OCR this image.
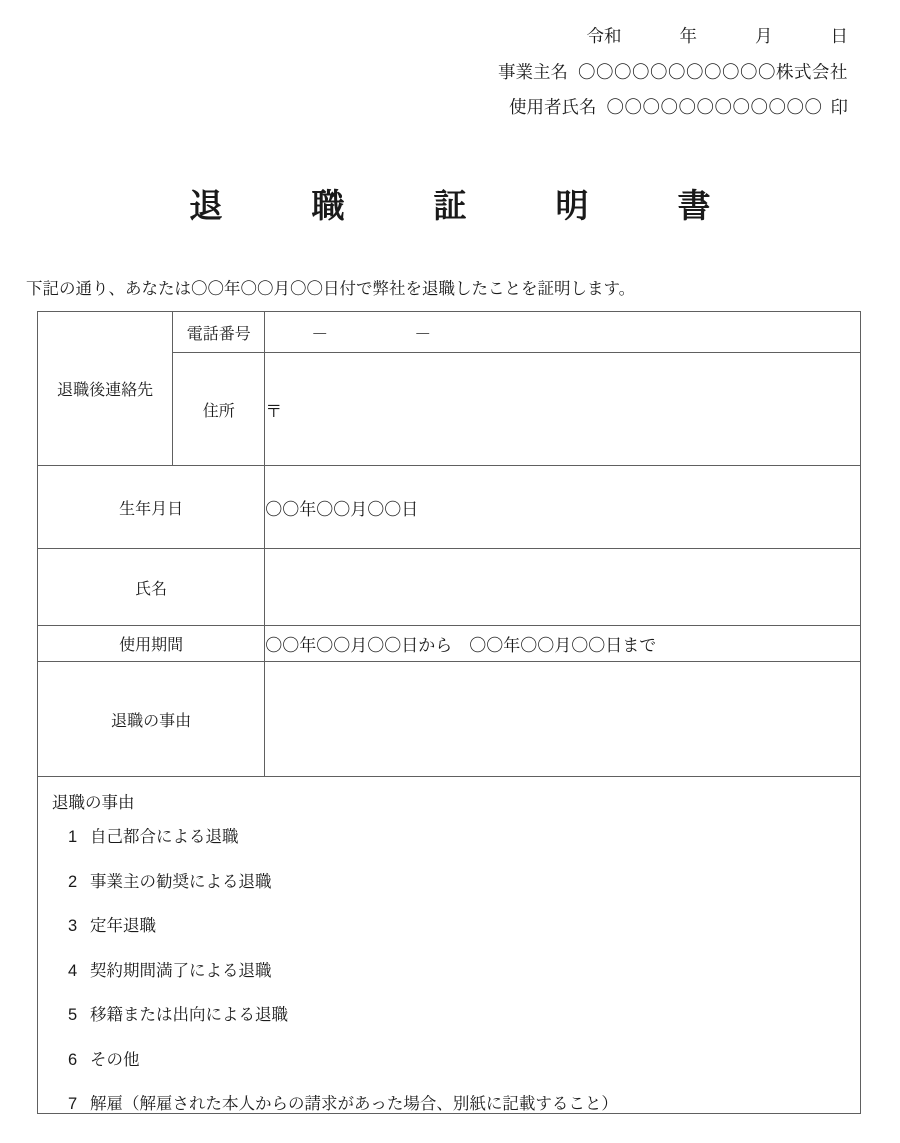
令和	年	月	日
事業主名 〇〇〇〇〇〇〇〇〇〇〇株式会社
使用者氏名 〇〇〇〇〇〇〇〇〇〇〇〇 印
退　職　証　明　書
下記の通り、あなたは〇〇年〇〇月〇〇日付で弊社を退職したことを証明します。
退職後連絡先	電話番号	－ －
	住所	〒
生年月日		〇〇年〇〇月〇〇日
氏名		
使用期間		〇〇年〇〇月〇〇日から　〇〇年〇〇月〇〇日まで
退職の事由		

退職の事由
1 自己都合による退職
2 事業主の勧奨による退職
3 定年退職
4 契約期間満了による退職
5 移籍または出向による退職
6 その他
7 解雇（解雇された本人からの請求があった場合、別紙に記載すること）
